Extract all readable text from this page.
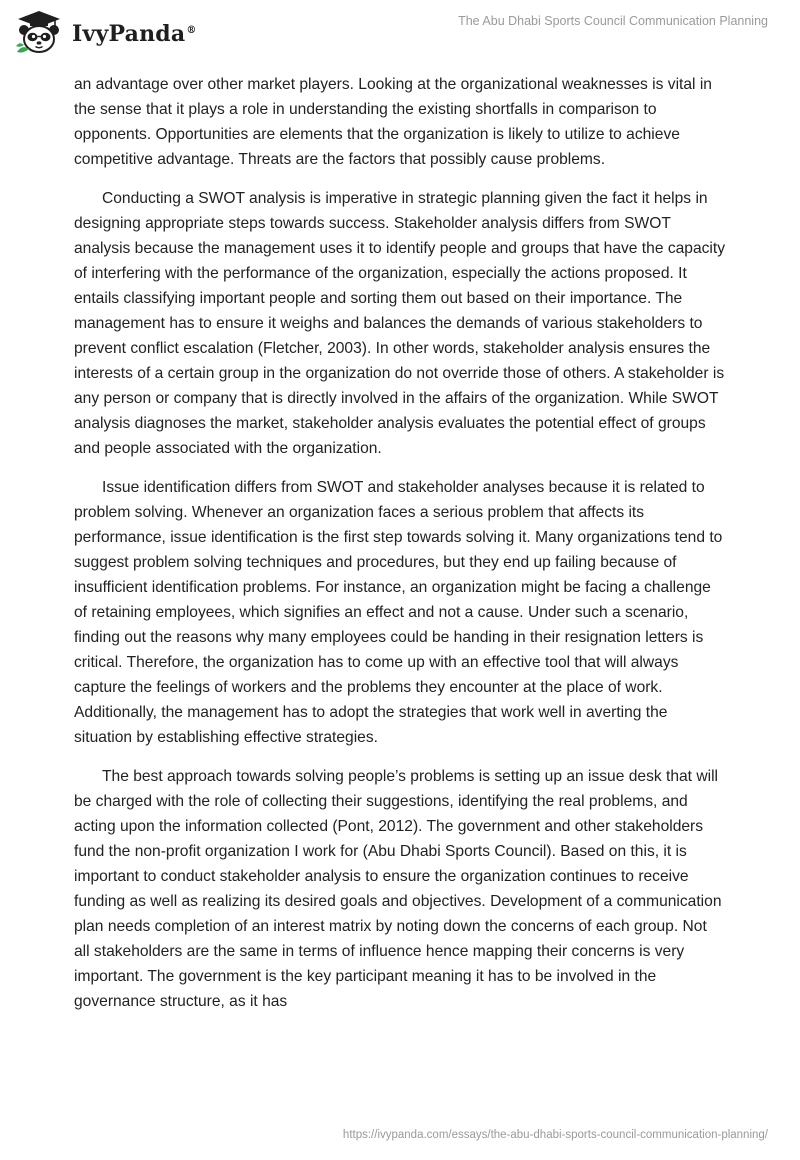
IvyPanda®
The Abu Dhabi Sports Council Communication Planning

an advantage over other market players. Looking at the organizational weaknesses is vital in the sense that it plays a role in understanding the existing shortfalls in comparison to opponents. Opportunities are elements that the organization is likely to utilize to achieve competitive advantage. Threats are the factors that possibly cause problems.

Conducting a SWOT analysis is imperative in strategic planning given the fact it helps in designing appropriate steps towards success. Stakeholder analysis differs from SWOT analysis because the management uses it to identify people and groups that have the capacity of interfering with the performance of the organization, especially the actions proposed. It entails classifying important people and sorting them out based on their importance. The management has to ensure it weighs and balances the demands of various stakeholders to prevent conflict escalation (Fletcher, 2003). In other words, stakeholder analysis ensures the interests of a certain group in the organization do not override those of others. A stakeholder is any person or company that is directly involved in the affairs of the organization. While SWOT analysis diagnoses the market, stakeholder analysis evaluates the potential effect of groups and people associated with the organization.

Issue identification differs from SWOT and stakeholder analyses because it is related to problem solving. Whenever an organization faces a serious problem that affects its performance, issue identification is the first step towards solving it. Many organizations tend to suggest problem solving techniques and procedures, but they end up failing because of insufficient identification problems. For instance, an organization might be facing a challenge of retaining employees, which signifies an effect and not a cause. Under such a scenario, finding out the reasons why many employees could be handing in their resignation letters is critical. Therefore, the organization has to come up with an effective tool that will always capture the feelings of workers and the problems they encounter at the place of work. Additionally, the management has to adopt the strategies that work well in averting the situation by establishing effective strategies.

The best approach towards solving people’s problems is setting up an issue desk that will be charged with the role of collecting their suggestions, identifying the real problems, and acting upon the information collected (Pont, 2012). The government and other stakeholders fund the non-profit organization I work for (Abu Dhabi Sports Council). Based on this, it is important to conduct stakeholder analysis to ensure the organization continues to receive funding as well as realizing its desired goals and objectives. Development of a communication plan needs completion of an interest matrix by noting down the concerns of each group. Not all stakeholders are the same in terms of influence hence mapping their concerns is very important. The government is the key participant meaning it has to be involved in the governance structure, as it has

https://ivypanda.com/essays/the-abu-dhabi-sports-council-communication-planning/
